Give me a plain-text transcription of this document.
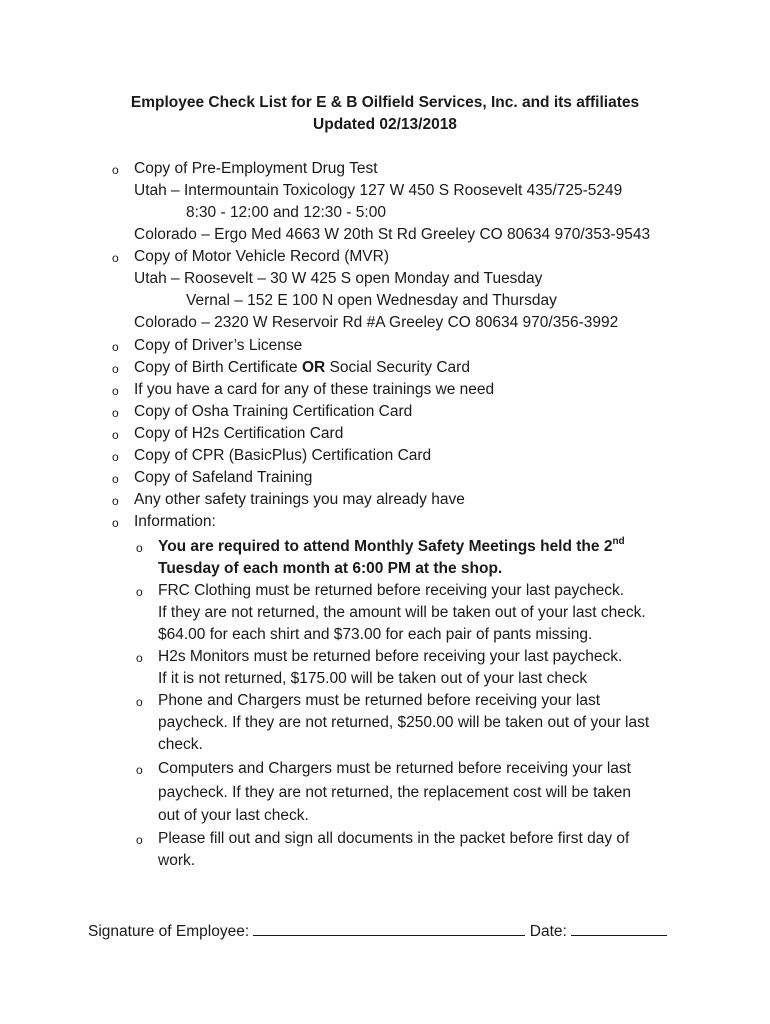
Employee Check List for E & B Oilfield Services, Inc. and its affiliates
Updated 02/13/2018
o Copy of Pre-Employment Drug Test
Utah – Intermountain Toxicology 127 W 450 S Roosevelt 435/725-5249
8:30 - 12:00 and 12:30 - 5:00
Colorado – Ergo Med 4663 W 20th St Rd Greeley CO 80634 970/353-9543
o Copy of Motor Vehicle Record (MVR)
Utah – Roosevelt – 30 W 425 S open Monday and Tuesday
Vernal – 152 E 100 N open Wednesday and Thursday
Colorado – 2320 W Reservoir Rd #A Greeley CO 80634 970/356-3992
o Copy of Driver’s License
o Copy of Birth Certificate OR Social Security Card
o If you have a card for any of these trainings we need
o Copy of Osha Training Certification Card
o Copy of H2s Certification Card
o Copy of CPR (BasicPlus) Certification Card
o Copy of Safeland Training
o Any other safety trainings you may already have
o Information:
o You are required to attend Monthly Safety Meetings held the 2nd
Tuesday of each month at 6:00 PM at the shop.
o FRC Clothing must be returned before receiving your last paycheck.
If they are not returned, the amount will be taken out of your last check.
$64.00 for each shirt and $73.00 for each pair of pants missing.
o H2s Monitors must be returned before receiving your last paycheck.
If it is not returned, $175.00 will be taken out of your last check
o Phone and Chargers must be returned before receiving your last
paycheck. If they are not returned, $250.00 will be taken out of your last
check.
o Computers and Chargers must be returned before receiving your last
paycheck. If they are not returned, the replacement cost will be taken
out of your last check.
o Please fill out and sign all documents in the packet before first day of
work.
Signature of Employee:	Date:
